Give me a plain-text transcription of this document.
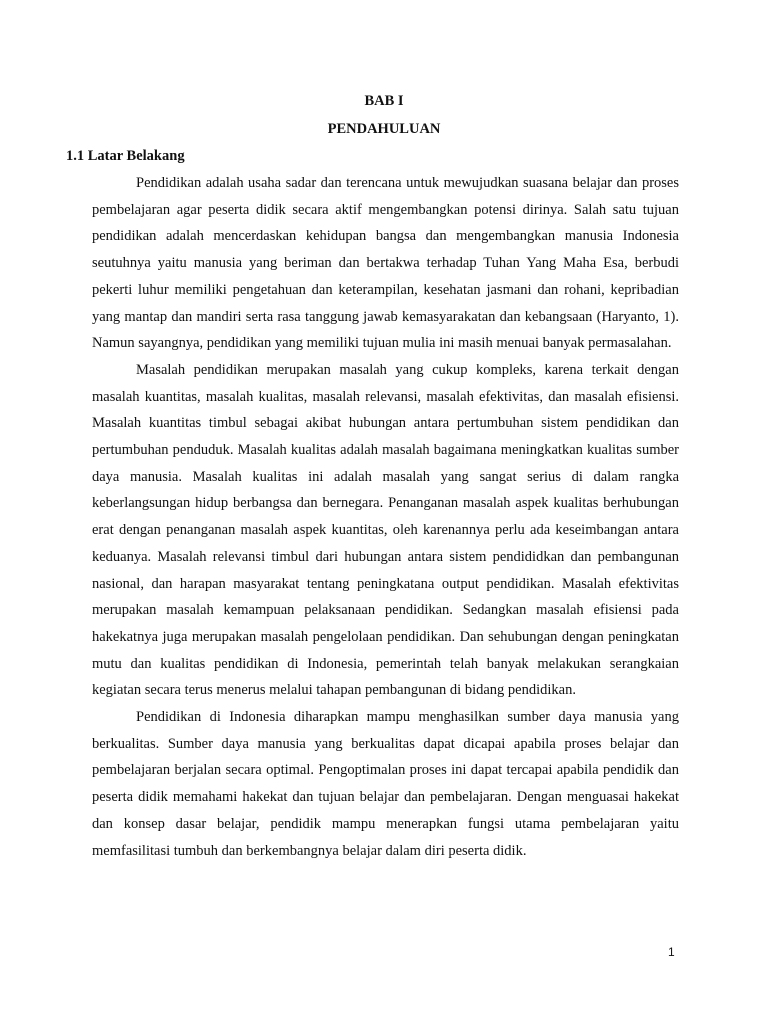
BAB I
PENDAHULUAN
1.1 Latar Belakang

Pendidikan adalah usaha sadar dan terencana untuk mewujudkan suasana belajar dan proses pembelajaran agar peserta didik secara aktif mengembangkan potensi dirinya. Salah satu tujuan pendidikan adalah mencerdaskan kehidupan bangsa dan mengembangkan manusia Indonesia seutuhnya yaitu manusia yang beriman dan bertakwa terhadap Tuhan Yang Maha Esa, berbudi pekerti luhur memiliki pengetahuan dan keterampilan, kesehatan jasmani dan rohani, kepribadian yang mantap dan mandiri serta rasa tanggung jawab kemasyarakatan dan kebangsaan (Haryanto, 1). Namun sayangnya, pendidikan yang memiliki tujuan mulia ini masih menuai banyak permasalahan.

Masalah pendidikan merupakan masalah yang cukup kompleks, karena terkait dengan masalah kuantitas, masalah kualitas, masalah relevansi, masalah efektivitas, dan masalah efisiensi. Masalah kuantitas timbul sebagai akibat hubungan antara pertumbuhan sistem pendidikan dan pertumbuhan penduduk. Masalah kualitas adalah masalah bagaimana meningkatkan kualitas sumber daya manusia. Masalah kualitas ini adalah masalah yang sangat serius di dalam rangka keberlangsungan hidup berbangsa dan bernegara. Penanganan masalah aspek kualitas berhubungan erat dengan penanganan masalah aspek kuantitas, oleh karenannya perlu ada keseimbangan antara keduanya. Masalah relevansi timbul dari hubungan antara sistem pendididkan dan pembangunan nasional, dan harapan masyarakat tentang peningkatana output pendidikan. Masalah efektivitas merupakan masalah kemampuan pelaksanaan pendidikan. Sedangkan masalah efisiensi pada hakekatnya juga merupakan masalah pengelolaan pendidikan. Dan sehubungan dengan peningkatan mutu dan kualitas pendidikan di Indonesia, pemerintah telah banyak melakukan serangkaian kegiatan secara terus menerus melalui tahapan pembangunan di bidang pendidikan.

Pendidikan di Indonesia diharapkan mampu menghasilkan sumber daya manusia yang berkualitas. Sumber daya manusia yang berkualitas dapat dicapai apabila proses belajar dan pembelajaran berjalan secara optimal. Pengoptimalan proses ini dapat tercapai apabila pendidik dan peserta didik memahami hakekat dan tujuan belajar dan pembelajaran. Dengan menguasai hakekat dan konsep dasar belajar, pendidik mampu menerapkan fungsi utama pembelajaran yaitu memfasilitasi tumbuh dan berkembangnya belajar dalam diri peserta didik.

1
